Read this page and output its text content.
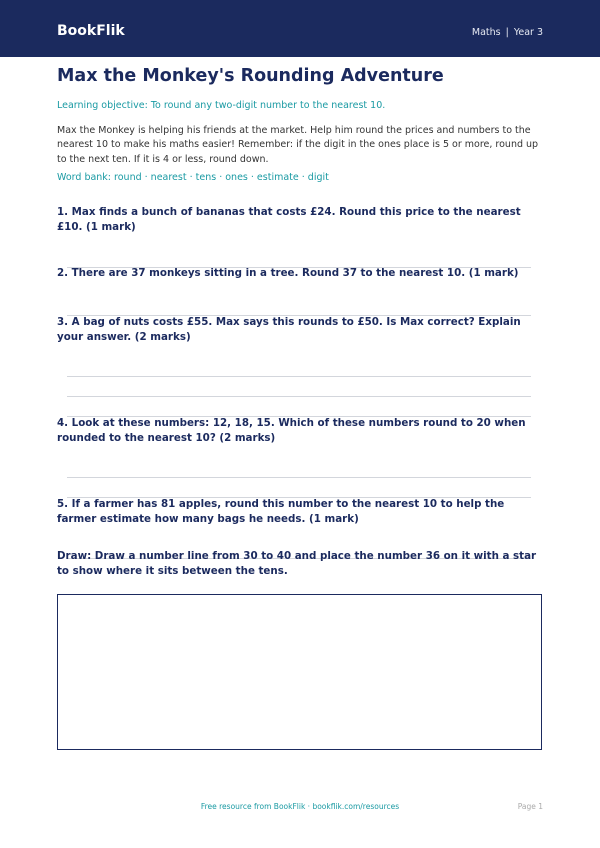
BookFlik	Maths | Year 3
Max the Monkey's Rounding Adventure
Learning objective: To round any two-digit number to the nearest 10.
Max the Monkey is helping his friends at the market. Help him round the prices and numbers to the nearest 10 to make his maths easier! Remember: if the digit in the ones place is 5 or more, round up to the next ten. If it is 4 or less, round down.
Word bank: round · nearest · tens · ones · estimate · digit
1. Max finds a bunch of bananas that costs £24. Round this price to the nearest £10. (1 mark)
2. There are 37 monkeys sitting in a tree. Round 37 to the nearest 10. (1 mark)
3. A bag of nuts costs £55. Max says this rounds to £50. Is Max correct? Explain your answer. (2 marks)
4. Look at these numbers: 12, 18, 15. Which of these numbers round to 20 when rounded to the nearest 10? (2 marks)
5. If a farmer has 81 apples, round this number to the nearest 10 to help the farmer estimate how many bags he needs. (1 mark)
Draw: Draw a number line from 30 to 40 and place the number 36 on it with a star to show where it sits between the tens.
Free resource from BookFlik · bookflik.com/resources	Page 1
